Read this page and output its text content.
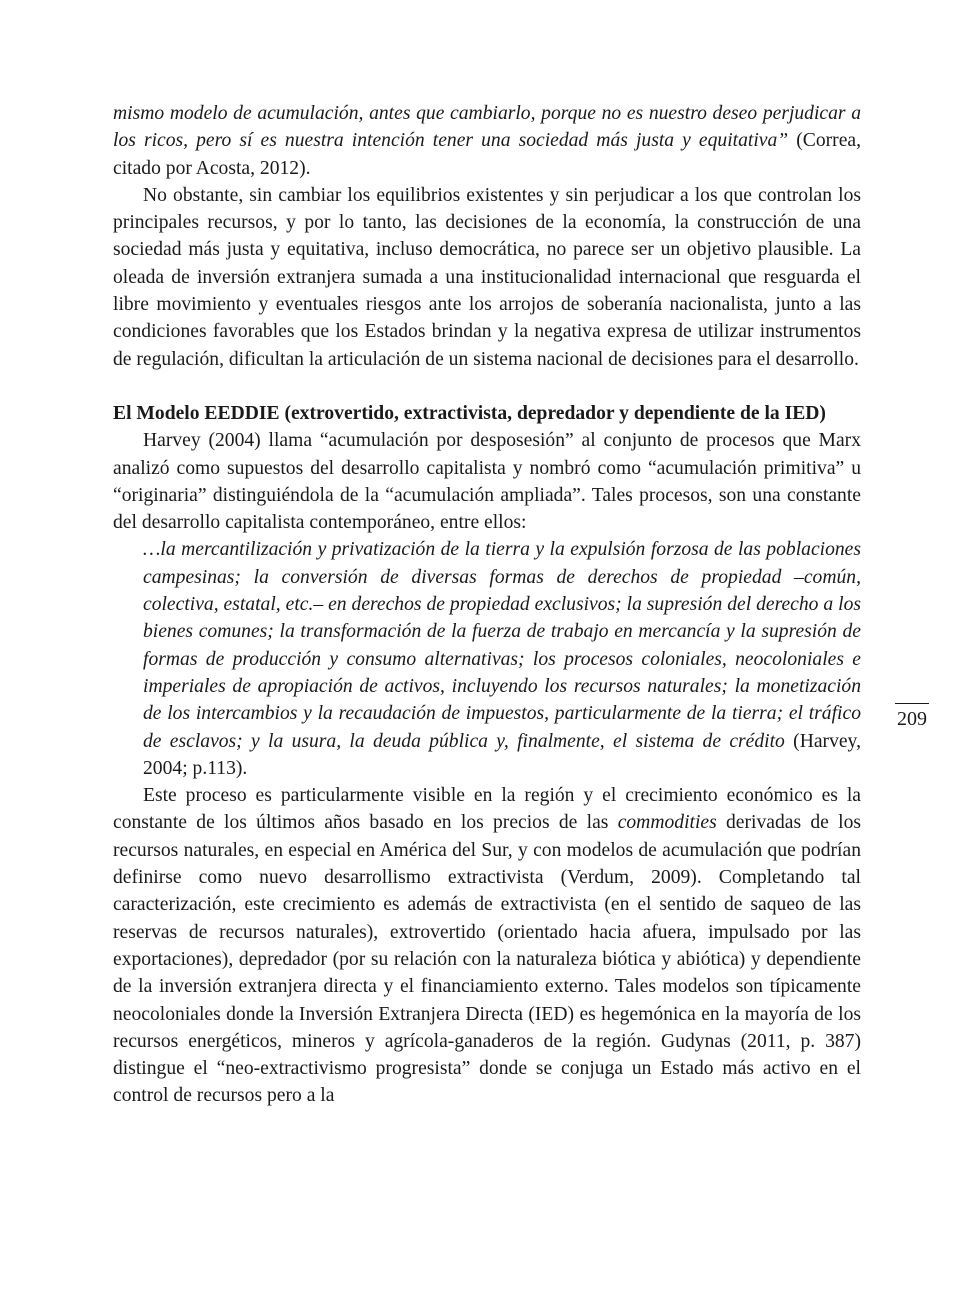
mismo modelo de acumulación, antes que cambiarlo, porque no es nuestro deseo perjudicar a los ricos, pero sí es nuestra intención tener una sociedad más justa y equitativa” (Correa, citado por Acosta, 2012).

No obstante, sin cambiar los equilibrios existentes y sin perjudicar a los que controlan los principales recursos, y por lo tanto, las decisiones de la economía, la construcción de una sociedad más justa y equitativa, incluso democrática, no parece ser un objetivo plausible. La oleada de inversión extranjera sumada a una institucionalidad internacional que resguarda el libre movimiento y eventuales riesgos ante los arrojos de soberanía nacionalista, junto a las condiciones favorables que los Estados brindan y la negativa expresa de utilizar instrumentos de regulación, dificultan la articulación de un sistema nacional de decisiones para el desarrollo.

El Modelo EEDDIE (extrovertido, extractivista, depredador y dependiente de la IED)

Harvey (2004) llama “acumulación por desposesión” al conjunto de procesos que Marx analizó como supuestos del desarrollo capitalista y nombró como “acumulación primitiva” u “originaria” distinguiéndola de la “acumulación ampliada”. Tales procesos, son una constante del desarrollo capitalista contemporáneo, entre ellos:

…la mercantilización y privatización de la tierra y la expulsión forzosa de las poblaciones campesinas; la conversión de diversas formas de derechos de propiedad –común, colectiva, estatal, etc.– en derechos de propiedad exclusivos; la supresión del derecho a los bienes comunes; la transformación de la fuerza de trabajo en mercancía y la supresión de formas de producción y consumo alternativas; los procesos coloniales, neocoloniales e imperiales de apropiación de activos, incluyendo los recursos naturales; la monetización de los intercambios y la recaudación de impuestos, particularmente de la tierra; el tráfico de esclavos; y la usura, la deuda pública y, finalmente, el sistema de crédito (Harvey, 2004; p.113).

Este proceso es particularmente visible en la región y el crecimiento económico es la constante de los últimos años basado en los precios de las commodities derivadas de los recursos naturales, en especial en América del Sur, y con modelos de acumulación que podrían definirse como nuevo desarrollismo extractivista (Verdum, 2009). Completando tal caracterización, este crecimiento es además de extractivista (en el sentido de saqueo de las reservas de recursos naturales), extrovertido (orientado hacia afuera, impulsado por las exportaciones), depredador (por su relación con la naturaleza biótica y abiótica) y dependiente de la inversión extranjera directa y el financiamiento externo. Tales modelos son típicamente neocoloniales donde la Inversión Extranjera Directa (IED) es hegemónica en la mayoría de los recursos energéticos, mineros y agrícola-ganaderos de la región. Gudynas (2011, p. 387) distingue el “neo-extractivismo progresista” donde se conjuga un Estado más activo en el control de recursos pero a la

209
